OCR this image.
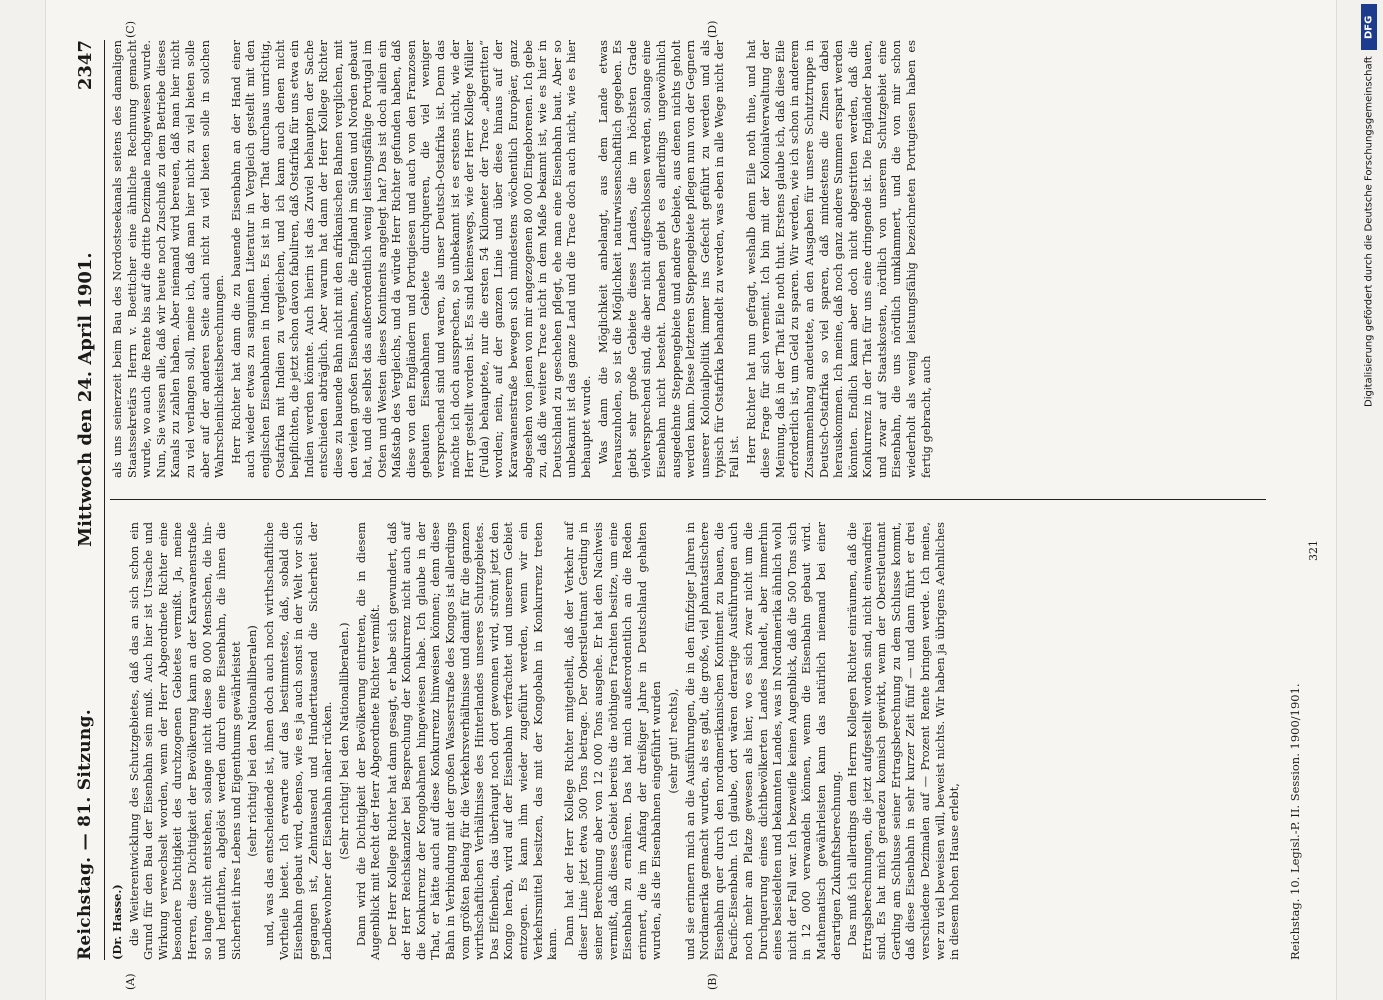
Reichstag. — 81. Sitzung.
Mittwoch den 24. April 1901.
2347
(A)	(B)
(C)	(D)

(Dr. Hasse.) die Weiterentwicklung des Schutzgebietes, daß das an sich schon ein Grund für den Bau der Eisenbahn sein muß. Auch hier ist Ursache und Wirkung verwechselt worden, wenn der Herr Abgeordnete Richter eine besondere Dichtigkeit des durchzogenen Gebietes vermißt. Ja, meine Herren, diese Dichtigkeit der Bevölkerung kann an der Karawanenstraße so lange nicht entstehen, solange nicht diese 80 000 Menschen, die hin- und herfluthen, abgelöst werden durch eine Eisenbahn, die ihnen die Sicherheit ihres Lebens und Eigenthums gewährleistet (sehr richtig! bei den Nationalliberalen) und, was das entscheidende ist, ihnen doch auch noch wirthschaftliche Vortheile bietet. Ich erwarte auf das bestimmteste, daß, sobald die Eisenbahn gebaut wird, ebenso, wie es ja auch sonst in der Welt vor sich gegangen ist, Zehntausend und Hunderttausend die Sicherheit der Landbewohner der Eisenbahn näher rücken. (Sehr richtig! bei den Nationalliberalen.) Dann wird die Dichtigkeit der Bevölkerung eintreten, die in diesem Augenblick mit Recht der Herr Abgeordnete Richter vermißt. Der Herr Kollege Richter hat dann gesagt, er habe sich gewundert, daß der Herr Reichskanzler bei Besprechung der Konkurrenz nicht auch auf die Konkurrenz der Kongobahnen hingewiesen habe. Ich glaube in der That, er hätte auch auf diese Konkurrenz hinweisen können; denn diese Bahn in Verbindung mit der großen Wasserstraße des Kongos ist allerdings vom größten Belang für die Verkehrsverhältnisse und damit für die ganzen wirthschaftlichen Verhältnisse des Hinterlandes unseres Schutzgebietes. Das Elfenbein, das überhaupt noch dort gewonnen wird, strömt jetzt den Kongo herab, wird auf der Eisenbahn verfrachtet und unserem Gebiet entzogen. Es kann ihm wieder zugeführt werden, wenn wir ein Verkehrsmittel besitzen, das mit der Kongobahn in Konkurrenz treten kann. Dann hat der Herr Kollege Richter mitgetheilt, daß der Verkehr auf dieser Linie jetzt etwa 500 Tons betrage. Der Oberstleutnant Gerding in seiner Berechnung aber von 12 000 Tons ausgehe. Er hat den Nachweis vermißt, daß dieses Gebiet bereits die nöthigen Frachten besitze, um eine Eisenbahn zu ernähren. Das hat mich außerordentlich an die Reden erinnert, die im Anfang der dreißiger Jahre in Deutschland gehalten wurden, als die Eisenbahnen eingeführt wurden (sehr gut! rechts), und sie erinnern mich an die Ausführungen, die in den fünfziger Jahren in Nordamerika gemacht wurden, als es galt, die große, viel phantastischere Eisenbahn quer durch den nordamerikanischen Kontinent zu bauen, die Pacific-Eisenbahn. Ich glaube, dort wären derartige Ausführungen auch noch mehr am Platze gewesen als hier, wo es sich zwar nicht um die Durchquerung eines dichtbevölkerten Landes handelt, aber immerhin eines besiedelten und bekannten Landes, was in Nordamerika ähnlich wohl nicht der Fall war. Ich bezweifle keinen Augenblick, daß die 500 Tons sich in 12 000 verwandeln können, wenn die Eisenbahn gebaut wird. Mathematisch gewährleisten kann das natürlich niemand bei einer derartigen Zukunftsberechnung. Das muß ich allerdings dem Herrn Kollegen Richter einräumen, daß die Ertragsberechnungen, die jetzt aufgestellt worden sind, nicht einwandfrei sind. Es hat mich geradezu komisch gewirkt, wenn der Oberstleutnant Gerding am Schlusse seiner Ertragsberechnung zu dem Schlusse kommt, daß diese Eisenbahn in sehr kurzer Zeit fünf — und dann führt er drei verschiedene Dezimalen auf — Prozent Rente bringen werde. Ich meine, wer zu viel beweisen will, beweist nichts. Wir haben ja übrigens Aehnliches in diesem hohen Hause erlebt,

als uns seinerzeit beim Bau des Nordostseekanals seitens des damaligen Staatssekretärs Herrn v. Boetticher eine ähnliche Rechnung gemacht wurde, wo auch die Rente bis auf die dritte Dezimale nachgewiesen wurde. Nun, Sie wissen alle, daß wir heute noch Zuschuß zu dem Betriebe dieses Kanals zu zahlen haben. Aber niemand wird bereuen, daß man hier nicht zu viel verlangen soll, meine ich, daß man hier nicht zu viel bieten solle aber auf der anderen Seite auch nicht zu viel bieten solle in solchen Wahrscheinlichkeitsberechnungen. Herr Richter hat dann die zu bauende Eisenbahn an der Hand einer auch wieder etwas zu sanguinen Literatur in Vergleich gestellt mit den englischen Eisenbahnen in Indien. Es ist in der That durchaus unrichtig, Ostafrika mit Indien zu vergleichen, und ich kann auch denen nicht beipflichten, die jetzt schon davon fabuliren, daß Ostafrika für uns etwa ein Indien werden könnte. Auch hierin ist das Zuviel behaupten der Sache entschieden abträglich. Aber warum hat dann der Herr Kollege Richter diese zu bauende Bahn nicht mit den afrikanischen Bahnen verglichen, mit den vielen großen Eisenbahnen, die England im Süden und Norden gebaut hat, und die selbst das außerordentlich wenig leistungsfähige Portugal im Osten und Westen dieses Kontinents angelegt hat? Das ist doch allein ein Maßstab des Vergleichs, und da würde Herr Richter gefunden haben, daß diese von den Engländern und Portugiesen und auch von den Franzosen gebauten Eisenbahnen Gebiete durchqueren, die viel weniger versprechend sind und waren, als unser Deutsch-Ostafrika ist. Denn das möchte ich doch aussprechen, so unbekannt ist es erstens nicht, wie der Herr gestellt worden ist. Es sind keineswegs, wie der Herr Kollege Müller (Fulda) behauptete, nur die ersten 54 Kilometer der Trace „abgeritten“ worden; nein, auf der ganzen Linie und über diese hinaus auf der Karawanenstraße bewegen sich mindestens wöchentlich Europäer, ganz abgesehen von jenen von mir angezogenen 80 000 Eingeborenen. Ich gebe zu, daß die weitere Trace nicht in dem Maße bekannt ist, wie es hier in Deutschland zu geschehen pflegt, ehe man eine Eisenbahn baut. Aber so unbekannt ist das ganze Land und die Trace doch auch nicht, wie es hier behauptet wurde. Was dann die Möglichkeit anbelangt, aus dem Lande etwas herauszuholen, so ist die Möglichkeit naturwissenschaftlich gegeben. Es giebt sehr große Gebiete dieses Landes, die im höchsten Grade vielversprechend sind, die aber nicht aufgeschlossen werden, solange eine Eisenbahn nicht besteht. Daneben giebt es allerdings ungewöhnlich ausgedehnte Steppengebiete und andere Gebiete, aus denen nichts geholt werden kann. Diese letzteren Steppengebiete pflegen nun von der Gegnern unserer Kolonialpolitik immer ins Gefecht geführt zu werden und als typisch für Ostafrika behandelt zu werden, was eben in alle Wege nicht der Fall ist. Herr Richter hat nun gefragt, weshalb denn Eile noth thue, und hat diese Frage für sich verneint. Ich bin mit der Kolonialverwaltung der Meinung, daß in der That Eile noth thut. Erstens glaube ich, daß diese Eile erforderlich ist, um Geld zu sparen. Wir werden, wie ich schon in anderem Zusammenhang andeutete, an den Ausgaben für unsere Schutztruppe in Deutsch-Ostafrika so viel sparen, daß mindestens die Zinsen dabei herauskommen. Ich meine, daß noch ganz andere Summen erspart werden könnten. Endlich kann aber doch nicht abgestritten werden, daß die Konkurrenz in der That für uns eine dringende ist. Die Engländer bauen, und zwar auf Staatskosten, nördlich von unserem Schutzgebiet eine Eisenbahn, die uns nördlich umklammert, und die von mir schon wiederholt als wenig leistungsfähig bezeichneten Portugiesen haben es fertig gebracht, auch

Reichstag. 10. Legisl.-P. II. Session. 1900/1901.
321
DFG
Digitalisierung gefördert durch die Deutsche Forschungsgemeinschaft
